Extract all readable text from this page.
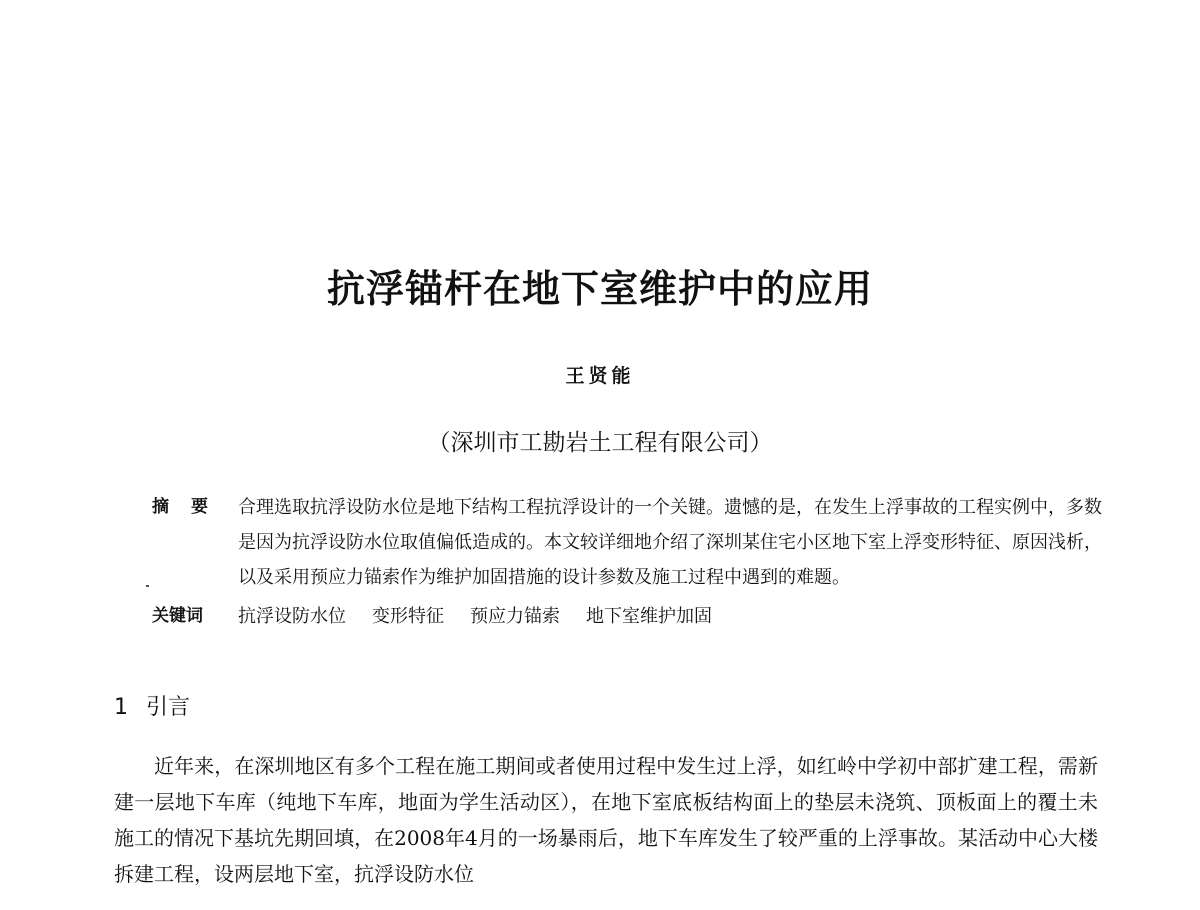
抗浮锚杆在地下室维护中的应用
王贤能
（深圳市工勘岩土工程有限公司）
摘要 合理选取抗浮设防水位是地下结构工程抗浮设计的一个关键。遗憾的是，在发生上浮事故的工程实例中，多数是因为抗浮设防水位取值偏低造成的。本文较详细地介绍了深圳某住宅小区地下室上浮变形特征、原因浅析，以及采用预应力锚索作为维护加固措施的设计参数及施工过程中遇到的难题。
关键词	抗浮设防水位 变形特征 预应力锚索 地下室维护加固
1 引言

近年来，在深圳地区有多个工程在施工期间或者使用过程中发生过上浮，如红岭中学初中部扩建工程，需新建一层地下车库（纯地下车库，地面为学生活动区），在地下室底板结构面上的垫层未浇筑、顶板面上的覆土未施工的情况下基坑先期回填，在2008年4月的一场暴雨后，地下车库发生了较严重的上浮事故。某活动中心大楼拆建工程，设两层地下室，抗浮设防水位
